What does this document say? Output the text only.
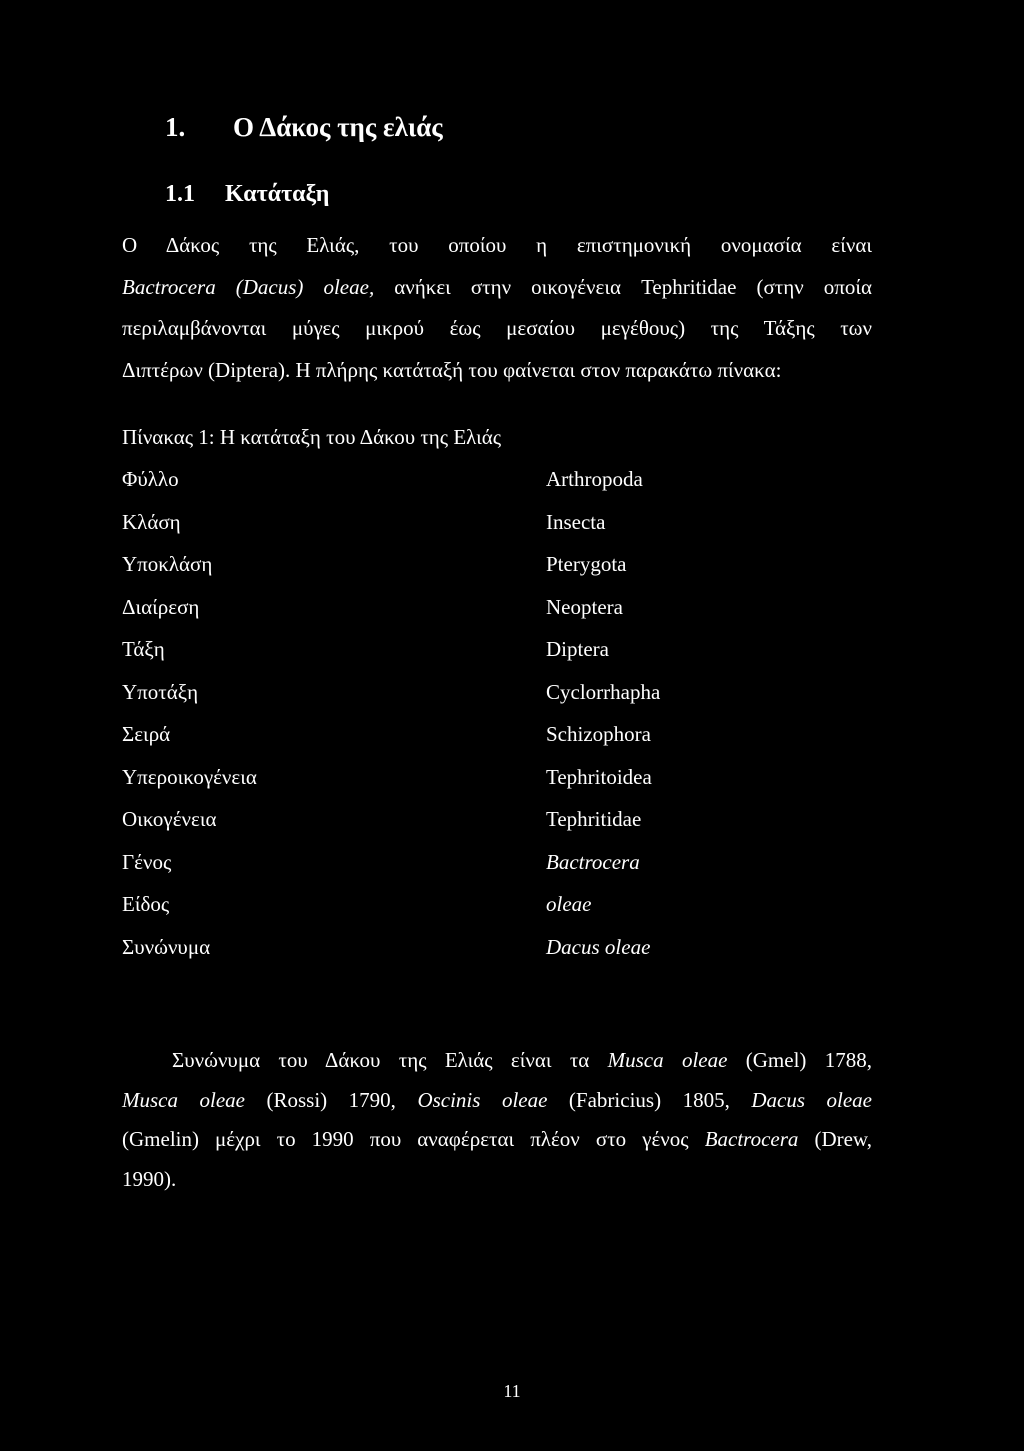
1. Ο Δάκος της ελιάς
1.1 Κατάταξη
Ο Δάκος της Ελιάς, του οποίου η επιστημονική ονομασία είναι
Bactrocera (Dacus) oleae, ανήκει στην οικογένεια Tephritidae (στην οποία
περιλαμβάνονται μύγες μικρού έως μεσαίου μεγέθους) της Τάξης των
Διπτέρων (Diptera). Η πλήρης κατάταξή του φαίνεται στον παρακάτω πίνακα:
Πίνακας 1: Η κατάταξη του Δάκου της Ελιάς
Φύλλο	Arthropoda
Κλάση	Insecta
Υποκλάση	Pterygota
Διαίρεση	Neoptera
Τάξη	Diptera
Υποτάξη	Cyclorrhapha
Σειρά	Schizophora
Υπεροικογένεια	Tephritoidea
Οικογένεια	Tephritidae
Γένος	Bactrocera
Είδος	oleae
Συνώνυμα	Dacus oleae
Συνώνυμα του Δάκου της Ελιάς είναι τα Musca oleae (Gmel) 1788,
Musca oleae (Rossi) 1790, Oscinis oleae (Fabricius) 1805, Dacus oleae
(Gmelin) μέχρι το 1990 που αναφέρεται πλέον στο γένος Bactrocera (Drew,
1990).
11
